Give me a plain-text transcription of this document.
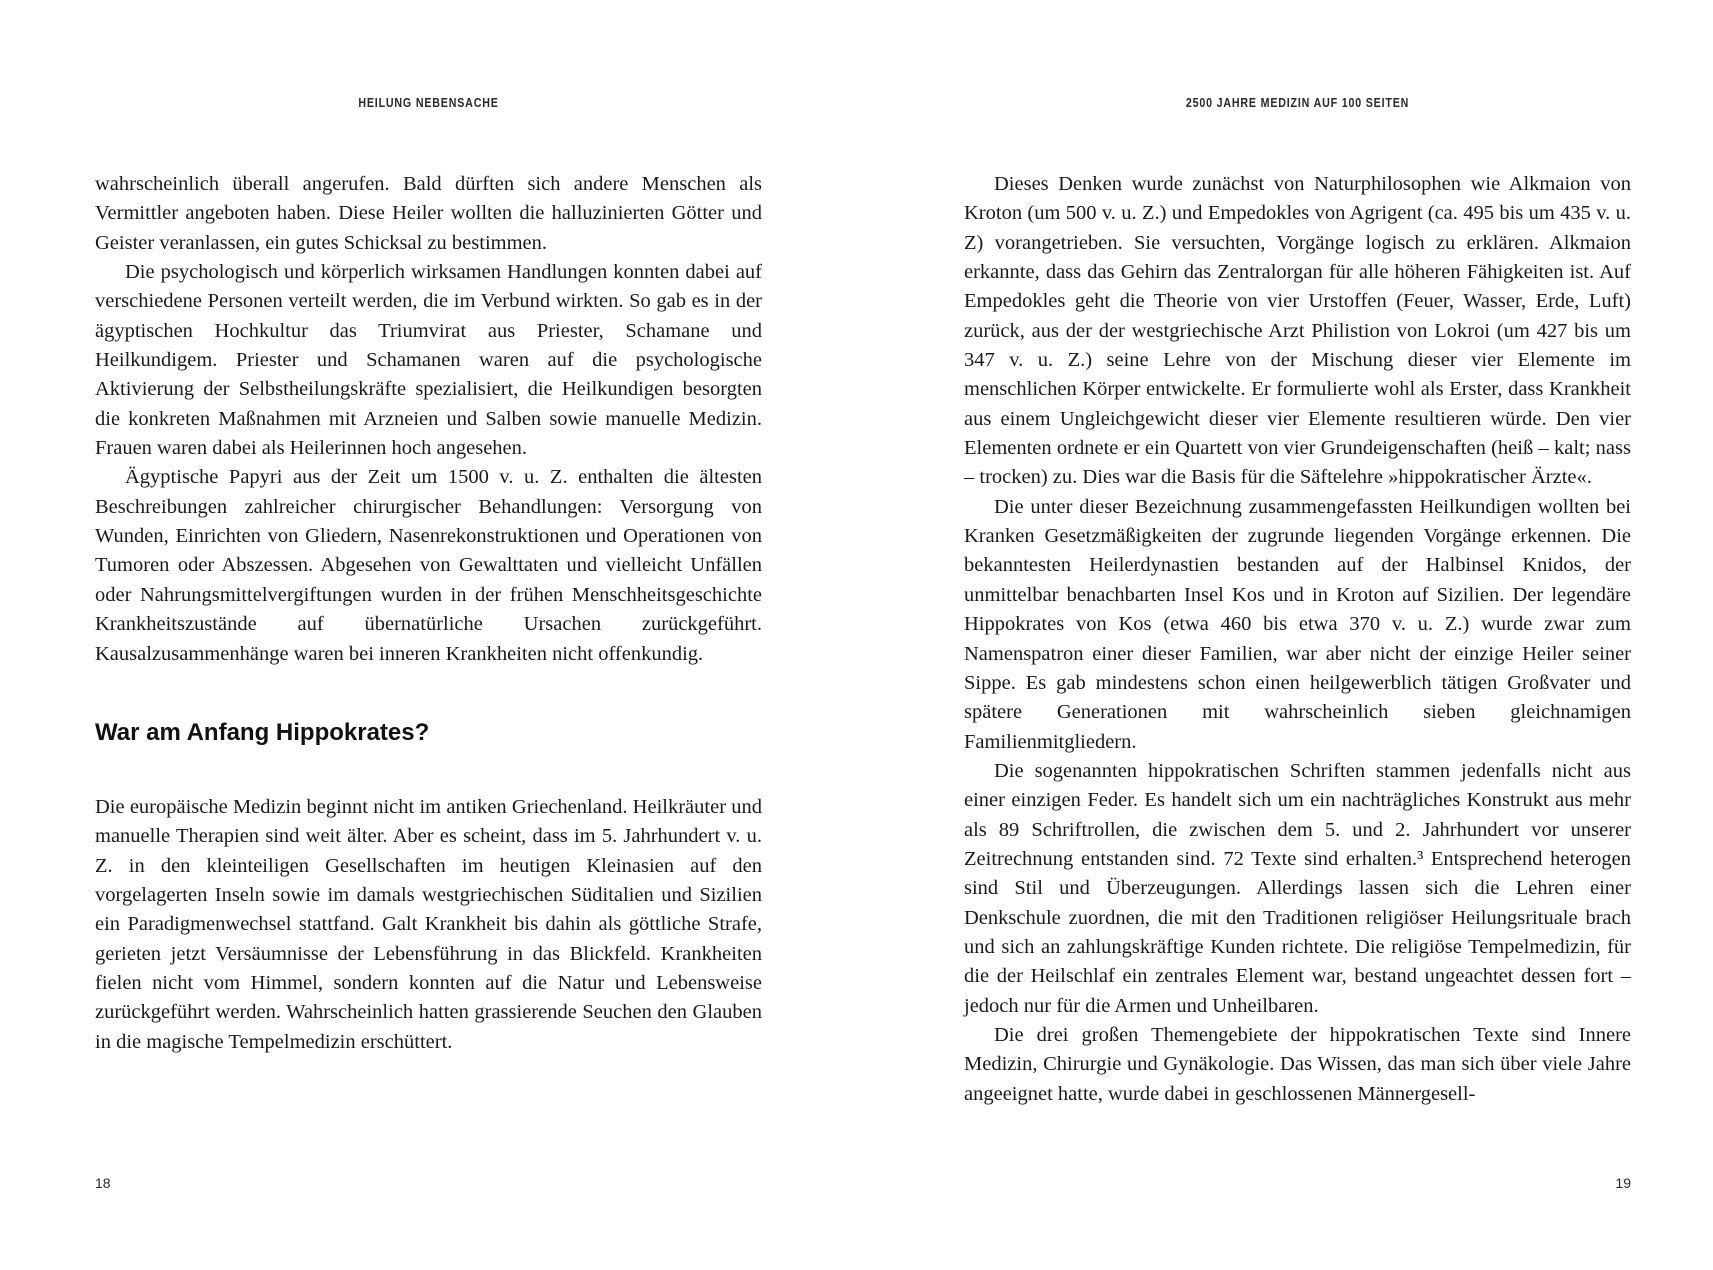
HEILUNG NEBENSACHE

wahrscheinlich überall angerufen. Bald dürften sich andere Menschen als Vermittler angeboten haben. Diese Heiler wollten die halluzinierten Götter und Geister veranlassen, ein gutes Schicksal zu bestimmen.

Die psychologisch und körperlich wirksamen Handlungen konnten dabei auf verschiedene Personen verteilt werden, die im Verbund wirkten. So gab es in der ägyptischen Hochkultur das Triumvirat aus Priester, Schamane und Heilkundigem. Priester und Schamanen waren auf die psychologische Aktivierung der Selbstheilungskräfte spezialisiert, die Heilkundigen besorgten die konkreten Maßnahmen mit Arzneien und Salben sowie manuelle Medizin. Frauen waren dabei als Heilerinnen hoch angesehen.

Ägyptische Papyri aus der Zeit um 1500 v. u. Z. enthalten die ältesten Beschreibungen zahlreicher chirurgischer Behandlungen: Versorgung von Wunden, Einrichten von Gliedern, Nasenrekonstruktionen und Operationen von Tumoren oder Abszessen. Abgesehen von Gewalttaten und vielleicht Unfällen oder Nahrungsmittelvergiftungen wurden in der frühen Menschheitsgeschichte Krankheitszustände auf übernatürliche Ursachen zurückgeführt. Kausalzusammenhänge waren bei inneren Krankheiten nicht offenkundig.

War am Anfang Hippokrates?

Die europäische Medizin beginnt nicht im antiken Griechenland. Heilkräuter und manuelle Therapien sind weit älter. Aber es scheint, dass im 5. Jahrhundert v. u. Z. in den kleinteiligen Gesellschaften im heutigen Kleinasien auf den vorgelagerten Inseln sowie im damals westgriechischen Süditalien und Sizilien ein Paradigmenwechsel stattfand. Galt Krankheit bis dahin als göttliche Strafe, gerieten jetzt Versäumnisse der Lebensführung in das Blickfeld. Krankheiten fielen nicht vom Himmel, sondern konnten auf die Natur und Lebensweise zurückgeführt werden. Wahrscheinlich hatten grassierende Seuchen den Glauben in die magische Tempelmedizin erschüttert.

18
2500 JAHRE MEDIZIN AUF 100 SEITEN

Dieses Denken wurde zunächst von Naturphilosophen wie Alkmaion von Kroton (um 500 v. u. Z.) und Empedokles von Agrigent (ca. 495 bis um 435 v. u. Z) vorangetrieben. Sie versuchten, Vorgänge logisch zu erklären. Alkmaion erkannte, dass das Gehirn das Zentralorgan für alle höheren Fähigkeiten ist. Auf Empedokles geht die Theorie von vier Urstoffen (Feuer, Wasser, Erde, Luft) zurück, aus der der westgriechische Arzt Philistion von Lokroi (um 427 bis um 347 v. u. Z.) seine Lehre von der Mischung dieser vier Elemente im menschlichen Körper entwickelte. Er formulierte wohl als Erster, dass Krankheit aus einem Ungleichgewicht dieser vier Elemente resultieren würde. Den vier Elementen ordnete er ein Quartett von vier Grundeigenschaften (heiß – kalt; nass – trocken) zu. Dies war die Basis für die Säftelehre »hippokratischer Ärzte«.

Die unter dieser Bezeichnung zusammengefassten Heilkundigen wollten bei Kranken Gesetzmäßigkeiten der zugrunde liegenden Vorgänge erkennen. Die bekanntesten Heilerdynastien bestanden auf der Halbinsel Knidos, der unmittelbar benachbarten Insel Kos und in Kroton auf Sizilien. Der legendäre Hippokrates von Kos (etwa 460 bis etwa 370 v. u. Z.) wurde zwar zum Namenspatron einer dieser Familien, war aber nicht der einzige Heiler seiner Sippe. Es gab mindestens schon einen heilgewerblich tätigen Großvater und spätere Generationen mit wahrscheinlich sieben gleichnamigen Familienmitgliedern.

Die sogenannten hippokratischen Schriften stammen jedenfalls nicht aus einer einzigen Feder. Es handelt sich um ein nachträgliches Konstrukt aus mehr als 89 Schriftrollen, die zwischen dem 5. und 2. Jahrhundert vor unserer Zeitrechnung entstanden sind. 72 Texte sind erhalten.³ Entsprechend heterogen sind Stil und Überzeugungen. Allerdings lassen sich die Lehren einer Denkschule zuordnen, die mit den Traditionen religiöser Heilungsrituale brach und sich an zahlungskräftige Kunden richtete. Die religiöse Tempelmedizin, für die der Heilschlaf ein zentrales Element war, bestand ungeachtet dessen fort – jedoch nur für die Armen und Unheilbaren.

Die drei großen Themengebiete der hippokratischen Texte sind Innere Medizin, Chirurgie und Gynäkologie. Das Wissen, das man sich über viele Jahre angeeignet hatte, wurde dabei in geschlossenen Männergesell-

19
